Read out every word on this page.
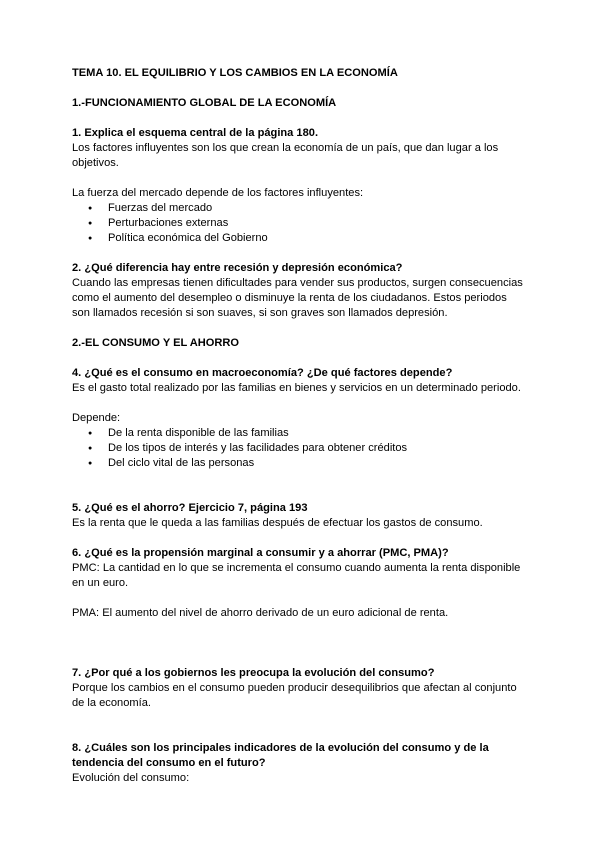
TEMA 10. EL EQUILIBRIO Y LOS CAMBIOS EN LA ECONOMÍA

1.-FUNCIONAMIENTO GLOBAL DE LA ECONOMÍA

1. Explica el esquema central de la página 180.

Los factores influyentes son los que crean la economía de un país, que dan lugar a los

objetivos.

La fuerza del mercado depende de los factores influyentes:

● Fuerzas del mercado
● Perturbaciones externas
● Política económica del Gobierno

2. ¿Qué diferencia hay entre recesión y depresión económica?

Cuando las empresas tienen dificultades para vender sus productos, surgen consecuencias

como el aumento del desempleo o disminuye la renta de los ciudadanos. Estos periodos

son llamados recesión si son suaves, si son graves son llamados depresión.

2.-EL CONSUMO Y EL AHORRO

4. ¿Qué es el consumo en macroeconomía? ¿De qué factores depende?

Es el gasto total realizado por las familias en bienes y servicios en un determinado periodo.

Depende:

● De la renta disponible de las familias
● De los tipos de interés y las facilidades para obtener créditos
● Del ciclo vital de las personas

5. ¿Qué es el ahorro? Ejercicio 7, página 193

Es la renta que le queda a las familias después de efectuar los gastos de consumo.

6. ¿Qué es la propensión marginal a consumir y a ahorrar (PMC, PMA)?

PMC: La cantidad en lo que se incrementa el consumo cuando aumenta la renta disponible

en un euro.

PMA: El aumento del nivel de ahorro derivado de un euro adicional de renta.

7. ¿Por qué a los gobiernos les preocupa la evolución del consumo?

Porque los cambios en el consumo pueden producir desequilibrios que afectan al conjunto

de la economía.

8. ¿Cuáles son los principales indicadores de la evolución del consumo y de la

tendencia del consumo en el futuro?

Evolución del consumo:
